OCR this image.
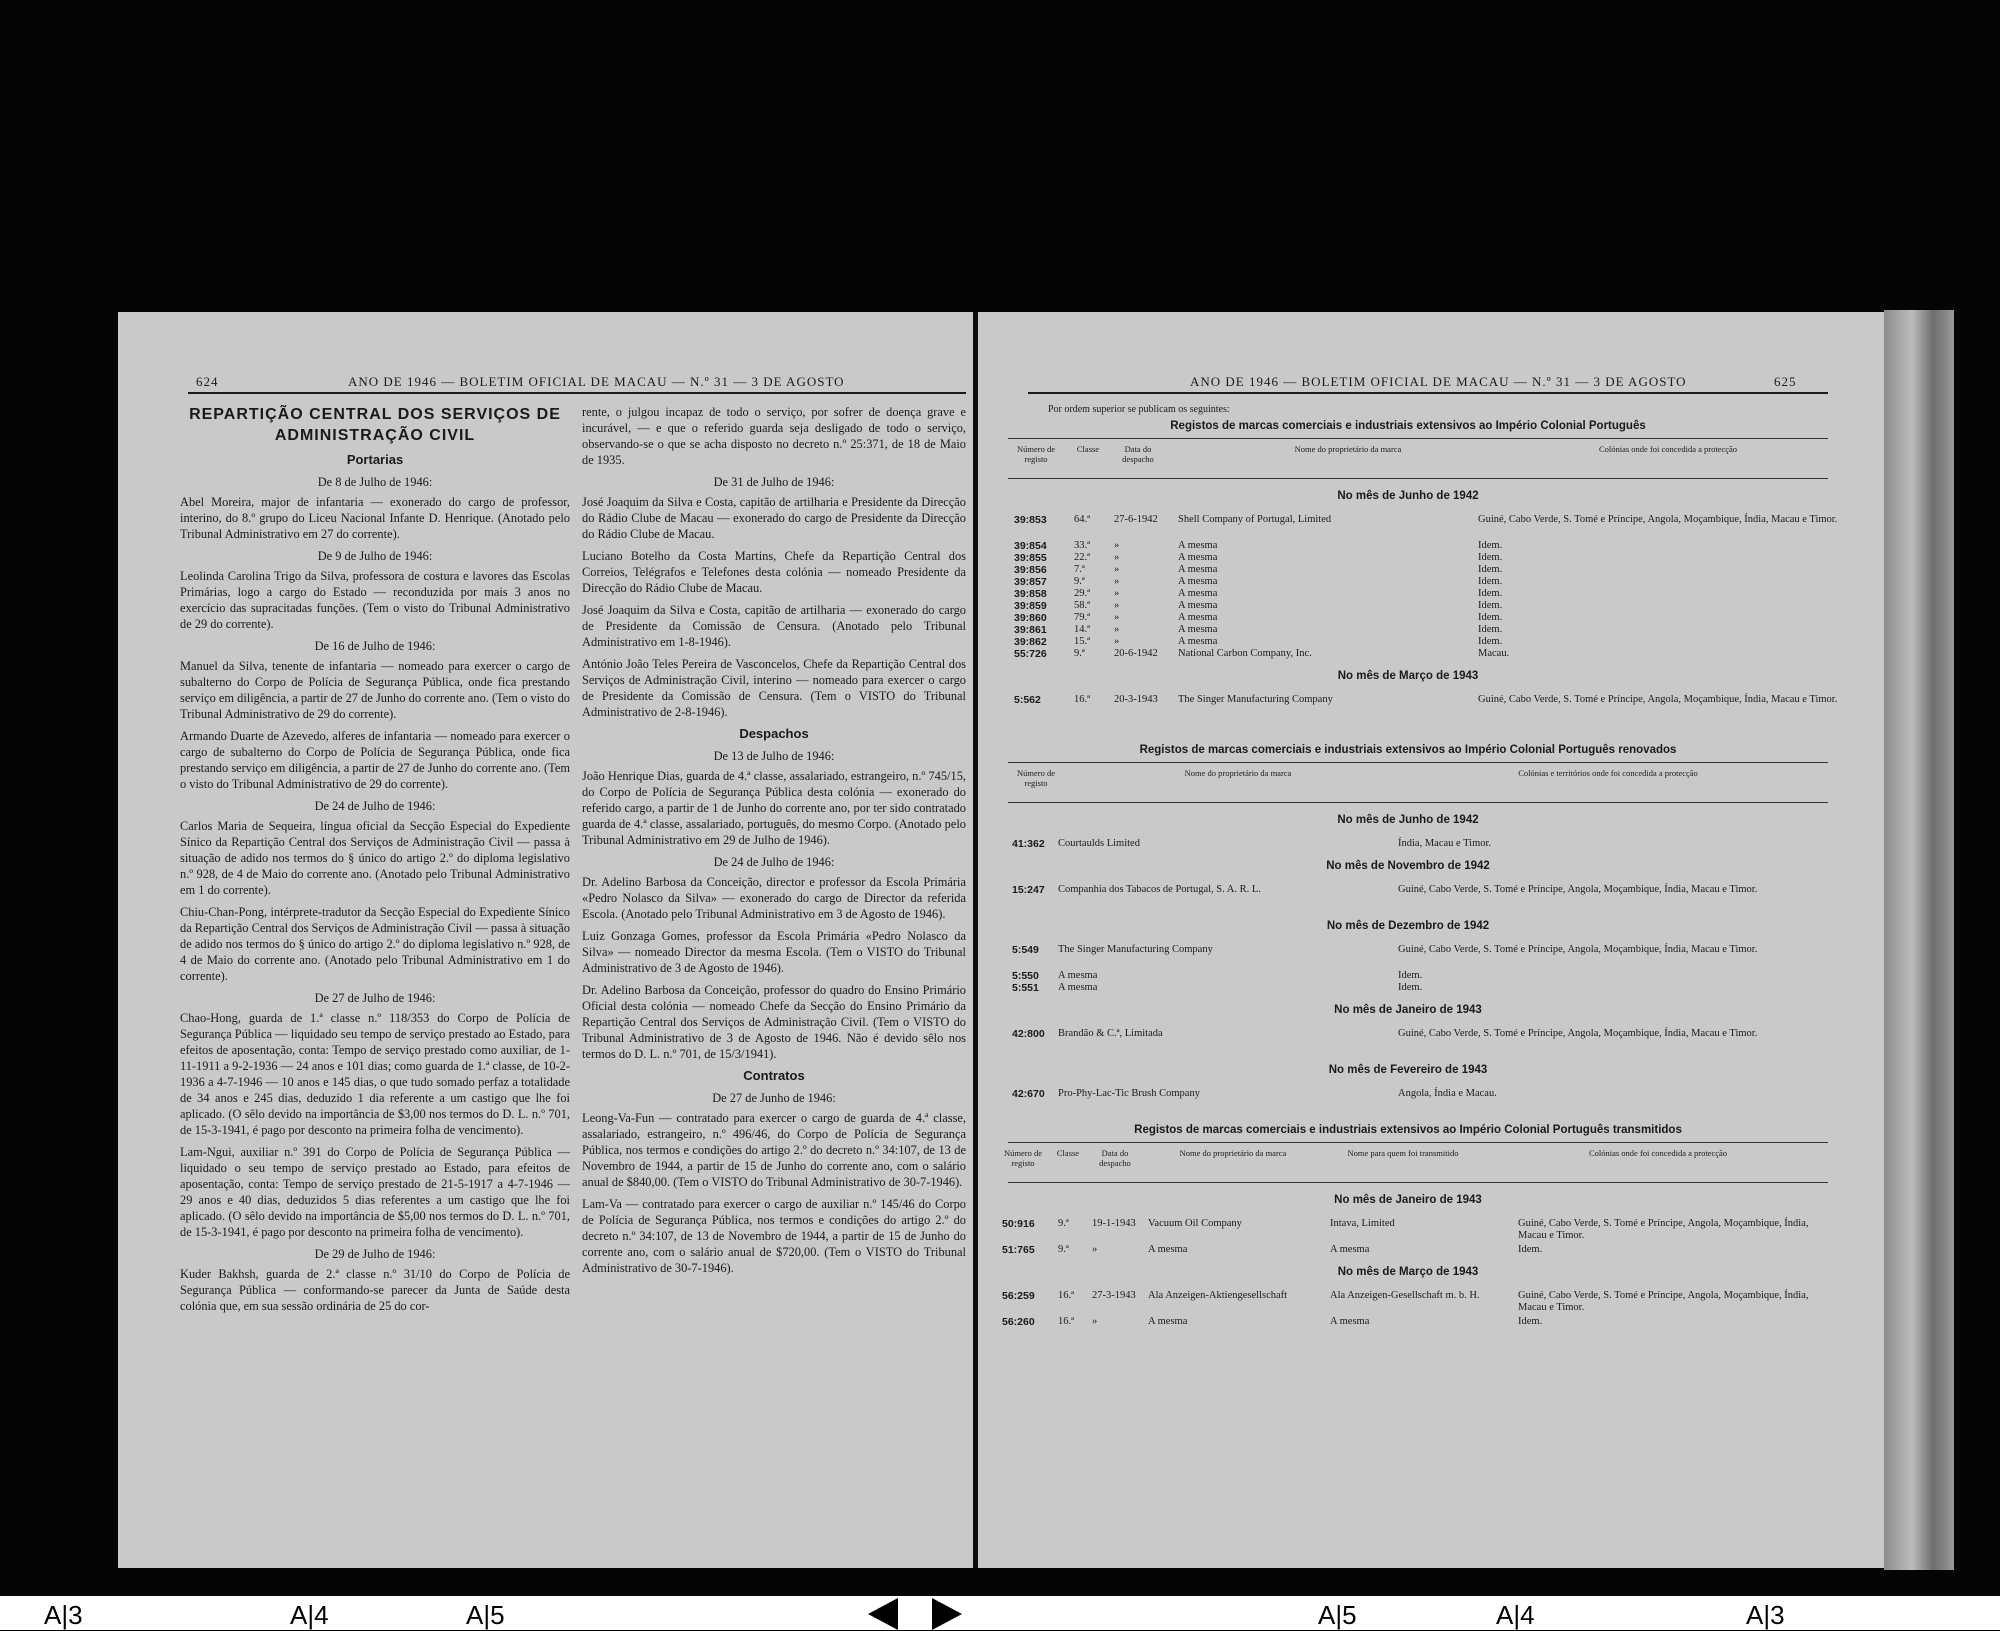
624	ANO DE 1946 — BOLETIM OFICIAL DE MACAU — N.º 31 — 3 DE AGOSTO
REPARTIÇÃO CENTRAL DOS SERVIÇOS DE ADMINISTRAÇÃO CIVIL
Portarias

De 8 de Julho de 1946:

Abel Moreira, major de infantaria — exonerado do cargo de professor, interino, do 8.º grupo do Liceu Nacional Infante D. Henrique. (Anotado pelo Tribunal Administrativo em 27 do corrente).

De 9 de Julho de 1946:

Leolinda Carolina Trigo da Silva, professora de costura e lavores das Escolas Primárias, logo a cargo do Estado — reconduzida por mais 3 anos no exercício das supracitadas funções. (Tem o visto do Tribunal Administrativo de 29 do corrente).

De 16 de Julho de 1946:

Manuel da Silva, tenente de infantaria — nomeado para exercer o cargo de subalterno do Corpo de Polícia de Segurança Pública, onde fica prestando serviço em diligência, a partir de 27 de Junho do corrente ano. (Tem o visto do Tribunal Administrativo de 29 do corrente).

Armando Duarte de Azevedo, alferes de infantaria — nomeado para exercer o cargo de subalterno do Corpo de Polícia de Segurança Pública, onde fica prestando serviço em diligência, a partir de 27 de Junho do corrente ano. (Tem o visto do Tribunal Administrativo de 29 do corrente).

De 24 de Julho de 1946:

Carlos Maria de Sequeira, língua oficial da Secção Especial do Expediente Sínico da Repartição Central dos Serviços de Administração Civil — passa à situação de adido nos termos do § único do artigo 2.º do diploma legislativo n.º 928, de 4 de Maio do corrente ano. (Anotado pelo Tribunal Administrativo em 1 do corrente).

Chiu-Chan-Pong, intérprete-tradutor da Secção Especial do Expediente Sínico da Repartição Central dos Serviços de Administração Civil — passa à situação de adido nos termos do § único do artigo 2.º do diploma legislativo n.º 928, de 4 de Maio do corrente ano. (Anotado pelo Tribunal Administrativo em 1 do corrente).

De 27 de Julho de 1946:

Chao-Hong, guarda de 1.ª classe n.º 118/353 do Corpo de Polícia de Segurança Pública — liquidado seu tempo de serviço prestado ao Estado, para efeitos de aposentação, conta: Tempo de serviço prestado como auxiliar, de 1-11-1911 a 9-2-1936 — 24 anos e 101 dias; como guarda de 1.ª classe, de 10-2-1936 a 4-7-1946 — 10 anos e 145 dias, o que tudo somado perfaz a totalidade de 34 anos e 245 dias, deduzido 1 dia referente a um castigo que lhe foi aplicado. (O sêlo devido na importância de $3,00 nos termos do D. L. n.º 701, de 15-3-1941, é pago por desconto na primeira folha de vencimento).

Lam-Ngui, auxiliar n.º 391 do Corpo de Polícia de Segurança Pública — liquidado o seu tempo de serviço prestado ao Estado, para efeitos de aposentação, conta: Tempo de serviço prestado de 21-5-1917 a 4-7-1946 — 29 anos e 40 dias, deduzidos 5 dias referentes a um castigo que lhe foi aplicado. (O sêlo devido na importância de $5,00 nos termos do D. L. n.º 701, de 15-3-1941, é pago por desconto na primeira folha de vencimento).

De 29 de Julho de 1946:

Kuder Bakhsh, guarda de 2.ª classe n.º 31/10 do Corpo de Polícia de Segurança Pública — conformando-se parecer da Junta de Saúde desta colónia que, em sua sessão ordinária de 25 do cor-

rente, o julgou incapaz de todo o serviço, por sofrer de doença grave e incurável, — e que o referido guarda seja desligado de todo o serviço, observando-se o que se acha disposto no decreto n.º 25:371, de 18 de Maio de 1935.

De 31 de Julho de 1946:

José Joaquim da Silva e Costa, capitão de artilharia e Presidente da Direcção do Rádio Clube de Macau — exonerado do cargo de Presidente da Direcção do Rádio Clube de Macau.

Luciano Botelho da Costa Martins, Chefe da Repartição Central dos Correios, Telégrafos e Telefones desta colónia — nomeado Presidente da Direcção do Rádio Clube de Macau.

José Joaquim da Silva e Costa, capitão de artilharia — exonerado do cargo de Presidente da Comissão de Censura. (Anotado pelo Tribunal Administrativo em 1-8-1946).

António João Teles Pereira de Vasconcelos, Chefe da Repartição Central dos Serviços de Administração Civil, interino — nomeado para exercer o cargo de Presidente da Comissão de Censura. (Tem o VISTO do Tribunal Administrativo de 2-8-1946).

Despachos

De 13 de Julho de 1946:

João Henrique Dias, guarda de 4.ª classe, assalariado, estrangeiro, n.º 745/15, do Corpo de Polícia de Segurança Pública desta colónia — exonerado do referido cargo, a partir de 1 de Junho do corrente ano, por ter sido contratado guarda de 4.ª classe, assalariado, português, do mesmo Corpo. (Anotado pelo Tribunal Administrativo em 29 de Julho de 1946).

De 24 de Julho de 1946:

Dr. Adelino Barbosa da Conceição, director e professor da Escola Primária «Pedro Nolasco da Silva» — exonerado do cargo de Director da referida Escola. (Anotado pelo Tribunal Administrativo em 3 de Agosto de 1946).

Luiz Gonzaga Gomes, professor da Escola Primária «Pedro Nolasco da Silva» — nomeado Director da mesma Escola. (Tem o VISTO do Tribunal Administrativo de 3 de Agosto de 1946).

Dr. Adelino Barbosa da Conceição, professor do quadro do Ensino Primário Oficial desta colónia — nomeado Chefe da Secção do Ensino Primário da Repartição Central dos Serviços de Administração Civil. (Tem o VISTO do Tribunal Administrativo de 3 de Agosto de 1946. Não é devido sêlo nos termos do D. L. n.º 701, de 15/3/1941).

Contratos

De 27 de Junho de 1946:

Leong-Va-Fun — contratado para exercer o cargo de guarda de 4.ª classe, assalariado, estrangeiro, n.º 496/46, do Corpo de Polícia de Segurança Pública, nos termos e condições do artigo 2.º do decreto n.º 34:107, de 13 de Novembro de 1944, a partir de 15 de Junho do corrente ano, com o salário anual de $840,00. (Tem o VISTO do Tribunal Administrativo de 30-7-1946).

Lam-Va — contratado para exercer o cargo de auxiliar n.º 145/46 do Corpo de Polícia de Segurança Pública, nos termos e condições do artigo 2.º do decreto n.º 34:107, de 13 de Novembro de 1944, a partir de 15 de Junho do corrente ano, com o salário anual de $720,00. (Tem o VISTO do Tribunal Administrativo de 30-7-1946).

ANO DE 1946 — BOLETIM OFICIAL DE MACAU — N.º 31 — 3 DE AGOSTO	625
Por ordem superior se publicam os seguintes:
Registos de marcas comerciais e industriais extensivos ao Império Colonial Português
Número de registo
Classe	Data do despacho
Nome do proprietário da marca	Colónias onde foi concedida a protecção
No mês de Junho de 1942
39:853	64.ª 27-6-1942 Shell Company of Portugal, Limited	Guiné, Cabo Verde, S. Tomé e Príncipe, Angola, Moçambique, Índia, Macau e Timor.
39:854	33.ª »	A mesma	Idem.
39:855	22.ª »	A mesma	Idem.
39:856	7.ª	»	A mesma	Idem.
39:857	9.ª	»	A mesma	Idem.
39:858	29.ª »	A mesma	Idem.
39:859	58.ª »	A mesma	Idem.
39:860	79.ª »	A mesma	Idem.
39:861	14.ª »	A mesma	Idem.
39:862	15.ª »	A mesma	Idem.
55:726	9.ª	20-6-1942 National Carbon Company, Inc.	Macau.
No mês de Março de 1943
5:562	16.ª 20-3-1943 The Singer Manufacturing Company	Guiné, Cabo Verde, S. Tomé e Príncipe, Angola, Moçambique, Índia, Macau e Timor.
Registos de marcas comerciais e industriais extensivos ao Império Colonial Português renovados
Número de registo
Nome do proprietário da marca	Colónias e territórios onde foi concedida a protecção
No mês de Junho de 1942
41:362 Courtaulds Limited	Índia, Macau e Timor.
No mês de Novembro de 1942
15:247 Companhia dos Tabacos de Portugal, S. A. R. L.	Guiné, Cabo Verde, S. Tomé e Príncipe, Angola, Moçambique, Índia, Macau e Timor.
No mês de Dezembro de 1942
5:549 The Singer Manufacturing Company	Guiné, Cabo Verde, S. Tomé e Príncipe, Angola, Moçambique, Índia, Macau e Timor.
5:550 A mesma	Idem.
5:551 A mesma	Idem.
No mês de Janeiro de 1943
42:800 Brandão & C.ª, Limitada	Guiné, Cabo Verde, S. Tomé e Príncipe, Angola, Moçambique, Índia, Macau e Timor.
No mês de Fevereiro de 1943
42:670 Pro-Phy-Lac-Tic Brush Company	Angola, Índia e Macau.
Registos de marcas comerciais e industriais extensivos ao Império Colonial Português transmitidos
Número de registo
Classe	Data do despacho
Nome do proprietário da marca	Nome para quem foi transmitido	Colónias onde foi concedida a protecção
No mês de Janeiro de 1943
50:916 9.ª 19-1-1943 Vacuum Oil Company	Intava, Limited	Guiné, Cabo Verde, S. Tomé e Príncipe, Angola, Moçambique, Índia, Macau e Timor.
51:765 9.ª »	A mesma	A mesma	Idem.
No mês de Março de 1943
56:259 16.ª 27-3-1943 Ala Anzeigen-Aktiengesellschaft	Ala Anzeigen-Gesellschaft m. b. H.	Guiné, Cabo Verde, S. Tomé e Príncipe, Angola, Moçambique, Índia, Macau e Timor.
56:260 16.ª »	A mesma	A mesma	Idem.
A|3	A|4	A|5	A|5	A|4	A|3
